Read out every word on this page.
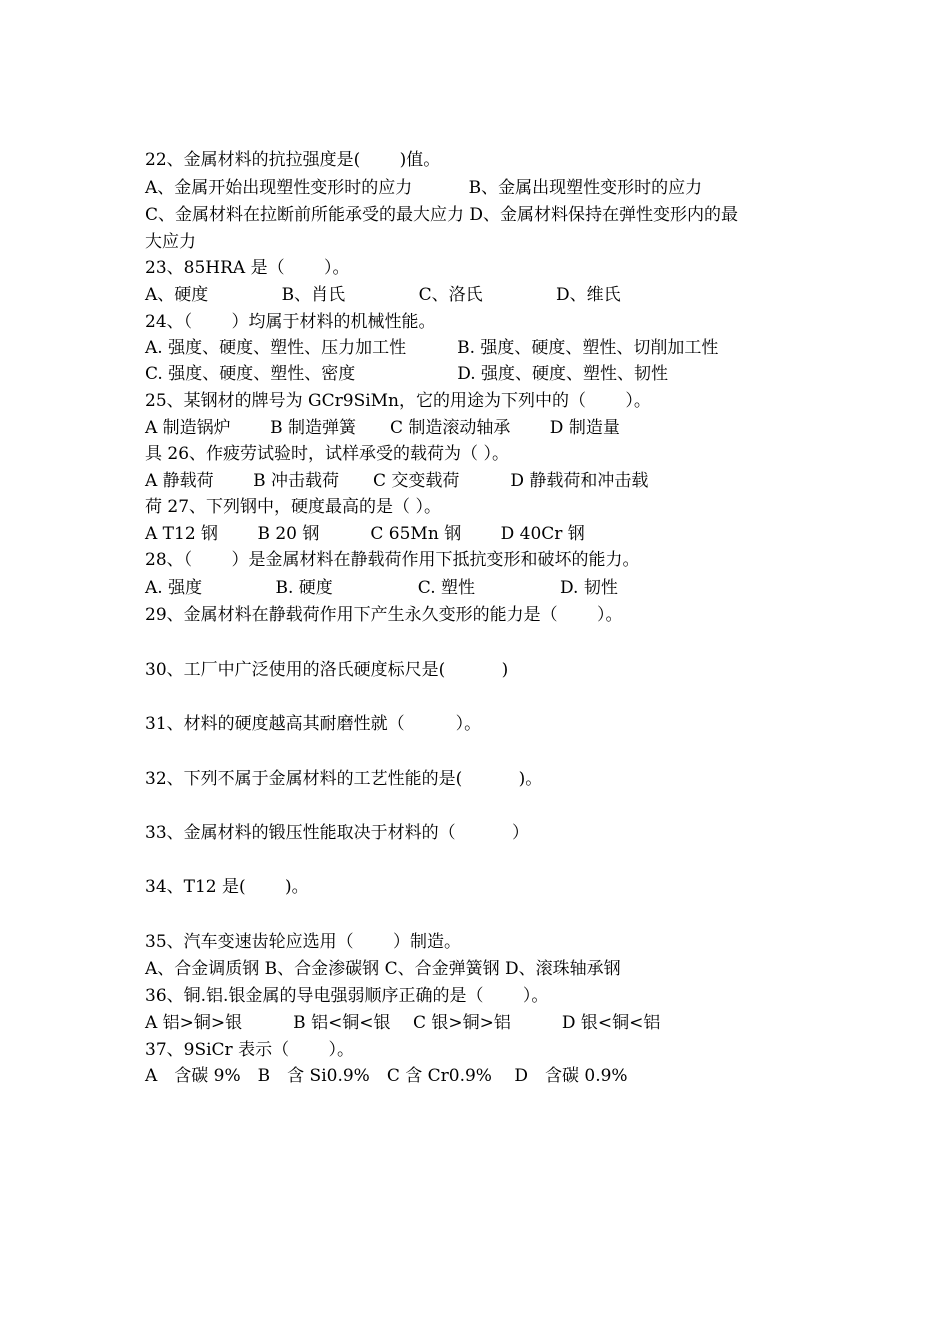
22、金属材料的抗拉强度是(　　 )值。
A、金属开始出现塑性变形时的应力　　　 B、金属出现塑性变形时的应力
C、金属材料在拉断前所能承受的最大应力 D、金属材料保持在弹性变形内的最
大应力
23、85HRA 是（　　 ）。
A、硬度　　　　 B、肖氏　　　　 C、洛氏　　　　 D、维氏
24、（　　 ）均属于材料的机械性能。
A. 强度、硬度、塑性、压力加工性　　　B. 强度、硬度、塑性、切削加工性
C. 强度、硬度、塑性、密度　　　　　　D. 强度、硬度、塑性、韧性
25、某钢材的牌号为 GCr9SiMn，它的用途为下列中的（　　 ）。
A 制造锅炉　　 B 制造弹簧　　C 制造滚动轴承　　 D 制造量
具 26、作疲劳试验时，试样承受的载荷为（ ）。
A 静载荷　　 B 冲击载荷　　C 交变载荷　　　D 静载荷和冲击载
荷 27、下列钢中，硬度最高的是（ ）。
A T12 钢　　 B 20 钢　　　C 65Mn 钢　　 D 40Cr 钢
28、（　　 ）是金属材料在静载荷作用下抵抗变形和破坏的能力。
A. 强度　　　　 B. 硬度　　　　　C. 塑性　　　　　D. 韧性
29、金属材料在静载荷作用下产生永久变形的能力是（　　 ）。
30、工厂中广泛使用的洛氏硬度标尺是(　　　 )
31、材料的硬度越高其耐磨性就（　　　）。
32、下列不属于金属材料的工艺性能的是(　　　 )。
33、金属材料的锻压性能取决于材料的（　　　 ）
34、T12 是(　　 )。
35、汽车变速齿轮应选用（　　 ）制造。
A、合金调质钢 B、合金渗碳钢 C、合金弹簧钢 D、滚珠轴承钢
36、铜.铝.银金属的导电强弱顺序正确的是（　　 ）。
A 铝>铜>银　　　B 铝<铜<银　 C 银>铜>铝　　　D 银<铜<铝
37、9SiCr 表示（　　 ）。
A　含碳 9%　B　含 Si0.9%　C 含 Cr0.9%　 D　含碳 0.9%
